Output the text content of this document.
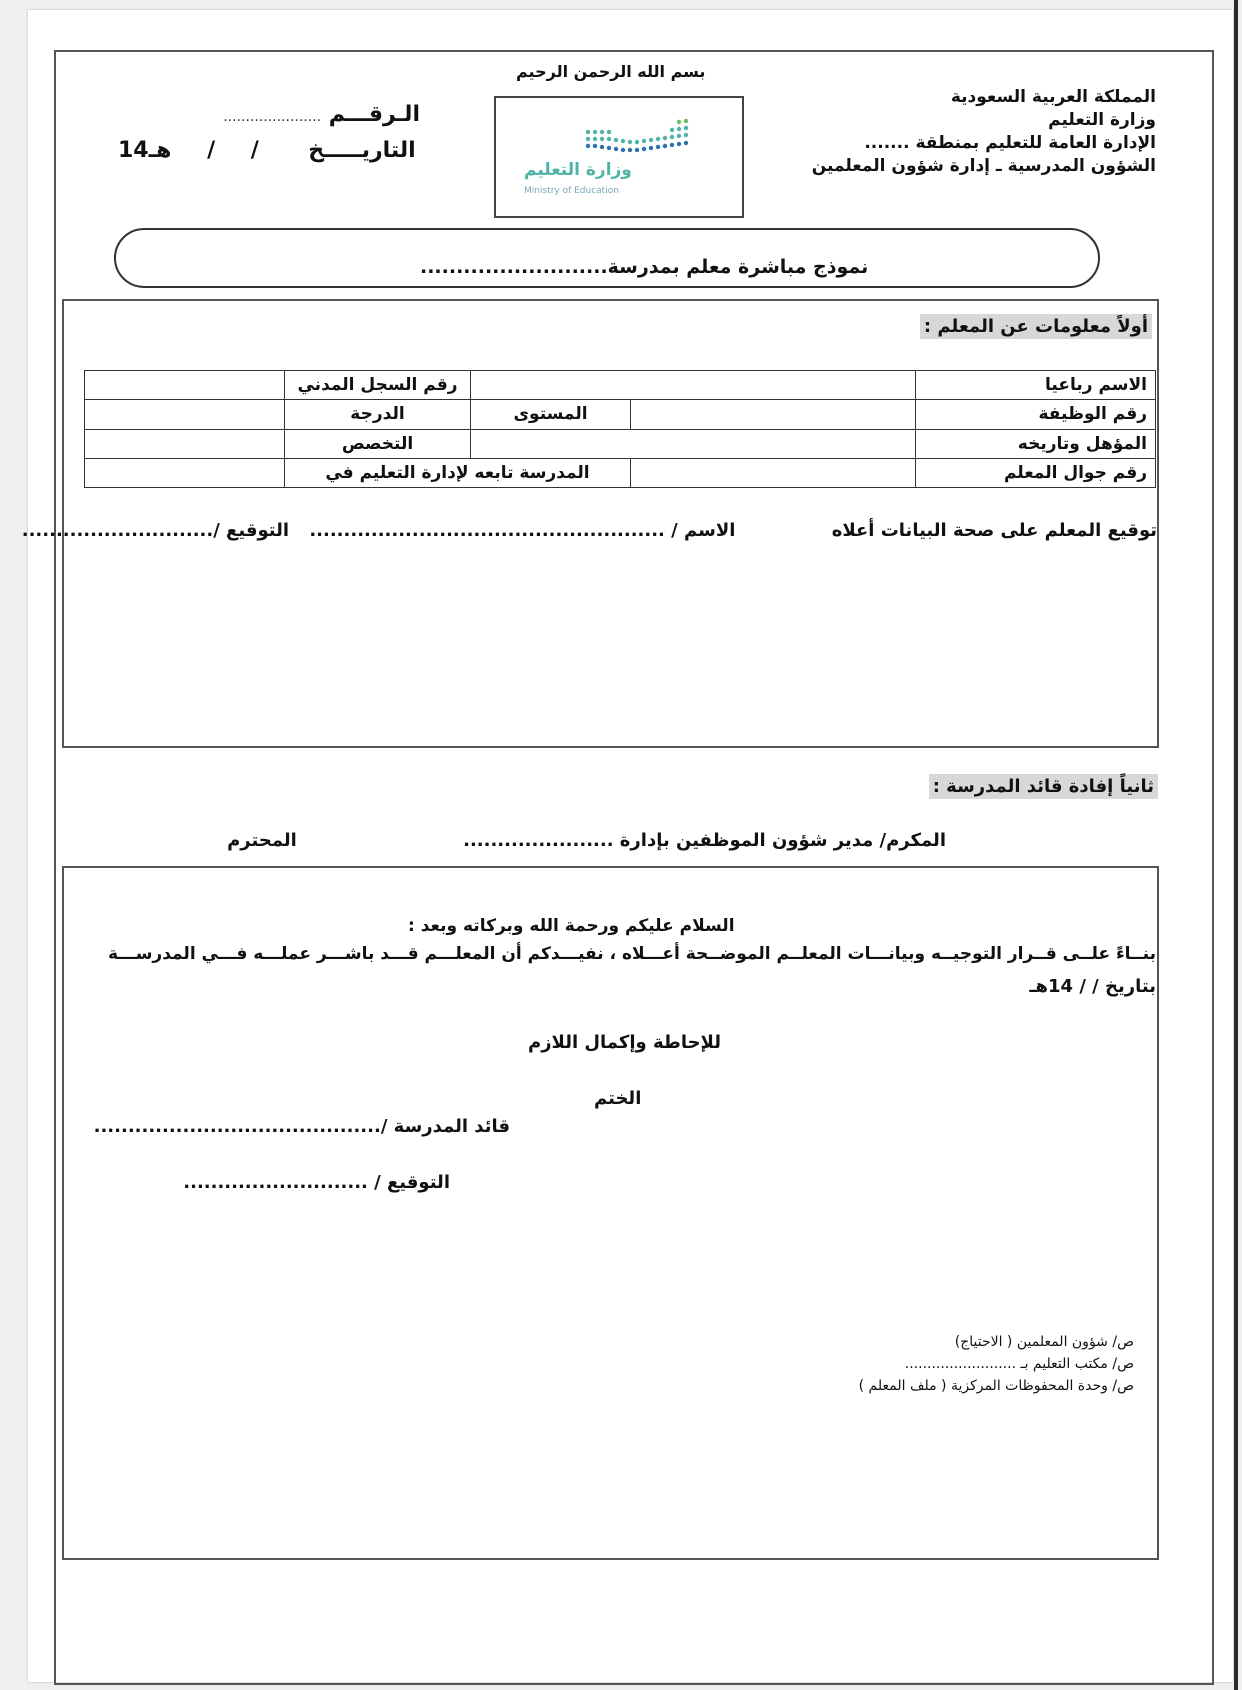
بسم الله الرحمن الرحيم
المملكة العربية السعودية
وزارة التعليم
الإدارة العامة للتعليم بمنطقة .......
الشؤون المدرسية ـ إدارة شؤون المعلمين
الـرقـــم ......................
14هـ / / التاريـــــخ
وزارة التعليم
Ministry of Education
نموذج مباشرة معلم بمدرسة..........................
أولاً معلومات عن المعلم :
الاسم رباعيا			رقم السجل المدني	
رقم الوظيفة		المستوى	الدرجة	
المؤهل وتاريخه			التخصص	
رقم جوال المعلم		المدرسة تابعه لإدارة التعليم في		
توقيع المعلم على صحة البيانات أعلاه الاسم / .................................................... التوقيع /............................
ثانياً إفادة قائد المدرسة :
المكرم/ مدير شؤون الموظفين بإدارة ...................... المحترم
السلام عليكم ورحمة الله وبركاته وبعد :
بنــاءً علــى قــرار التوجيــه وبيانـــات المعلــم الموضــحة أعـــلاه ، نفيـــدكم أن المعلـــم قـــد باشـــر عملـــه فـــي المدرســـة
بتاريخ / / 14هـ
للإحاطة وإكمال اللازم
الختم
قائد المدرسة /..........................................
التوقيع / ...........................
ص/ شؤون المعلمين ( الاحتياج)
ص/ مكتب التعليم بـ .........................
ص/ وحدة المحفوظات المركزية ( ملف المعلم )
